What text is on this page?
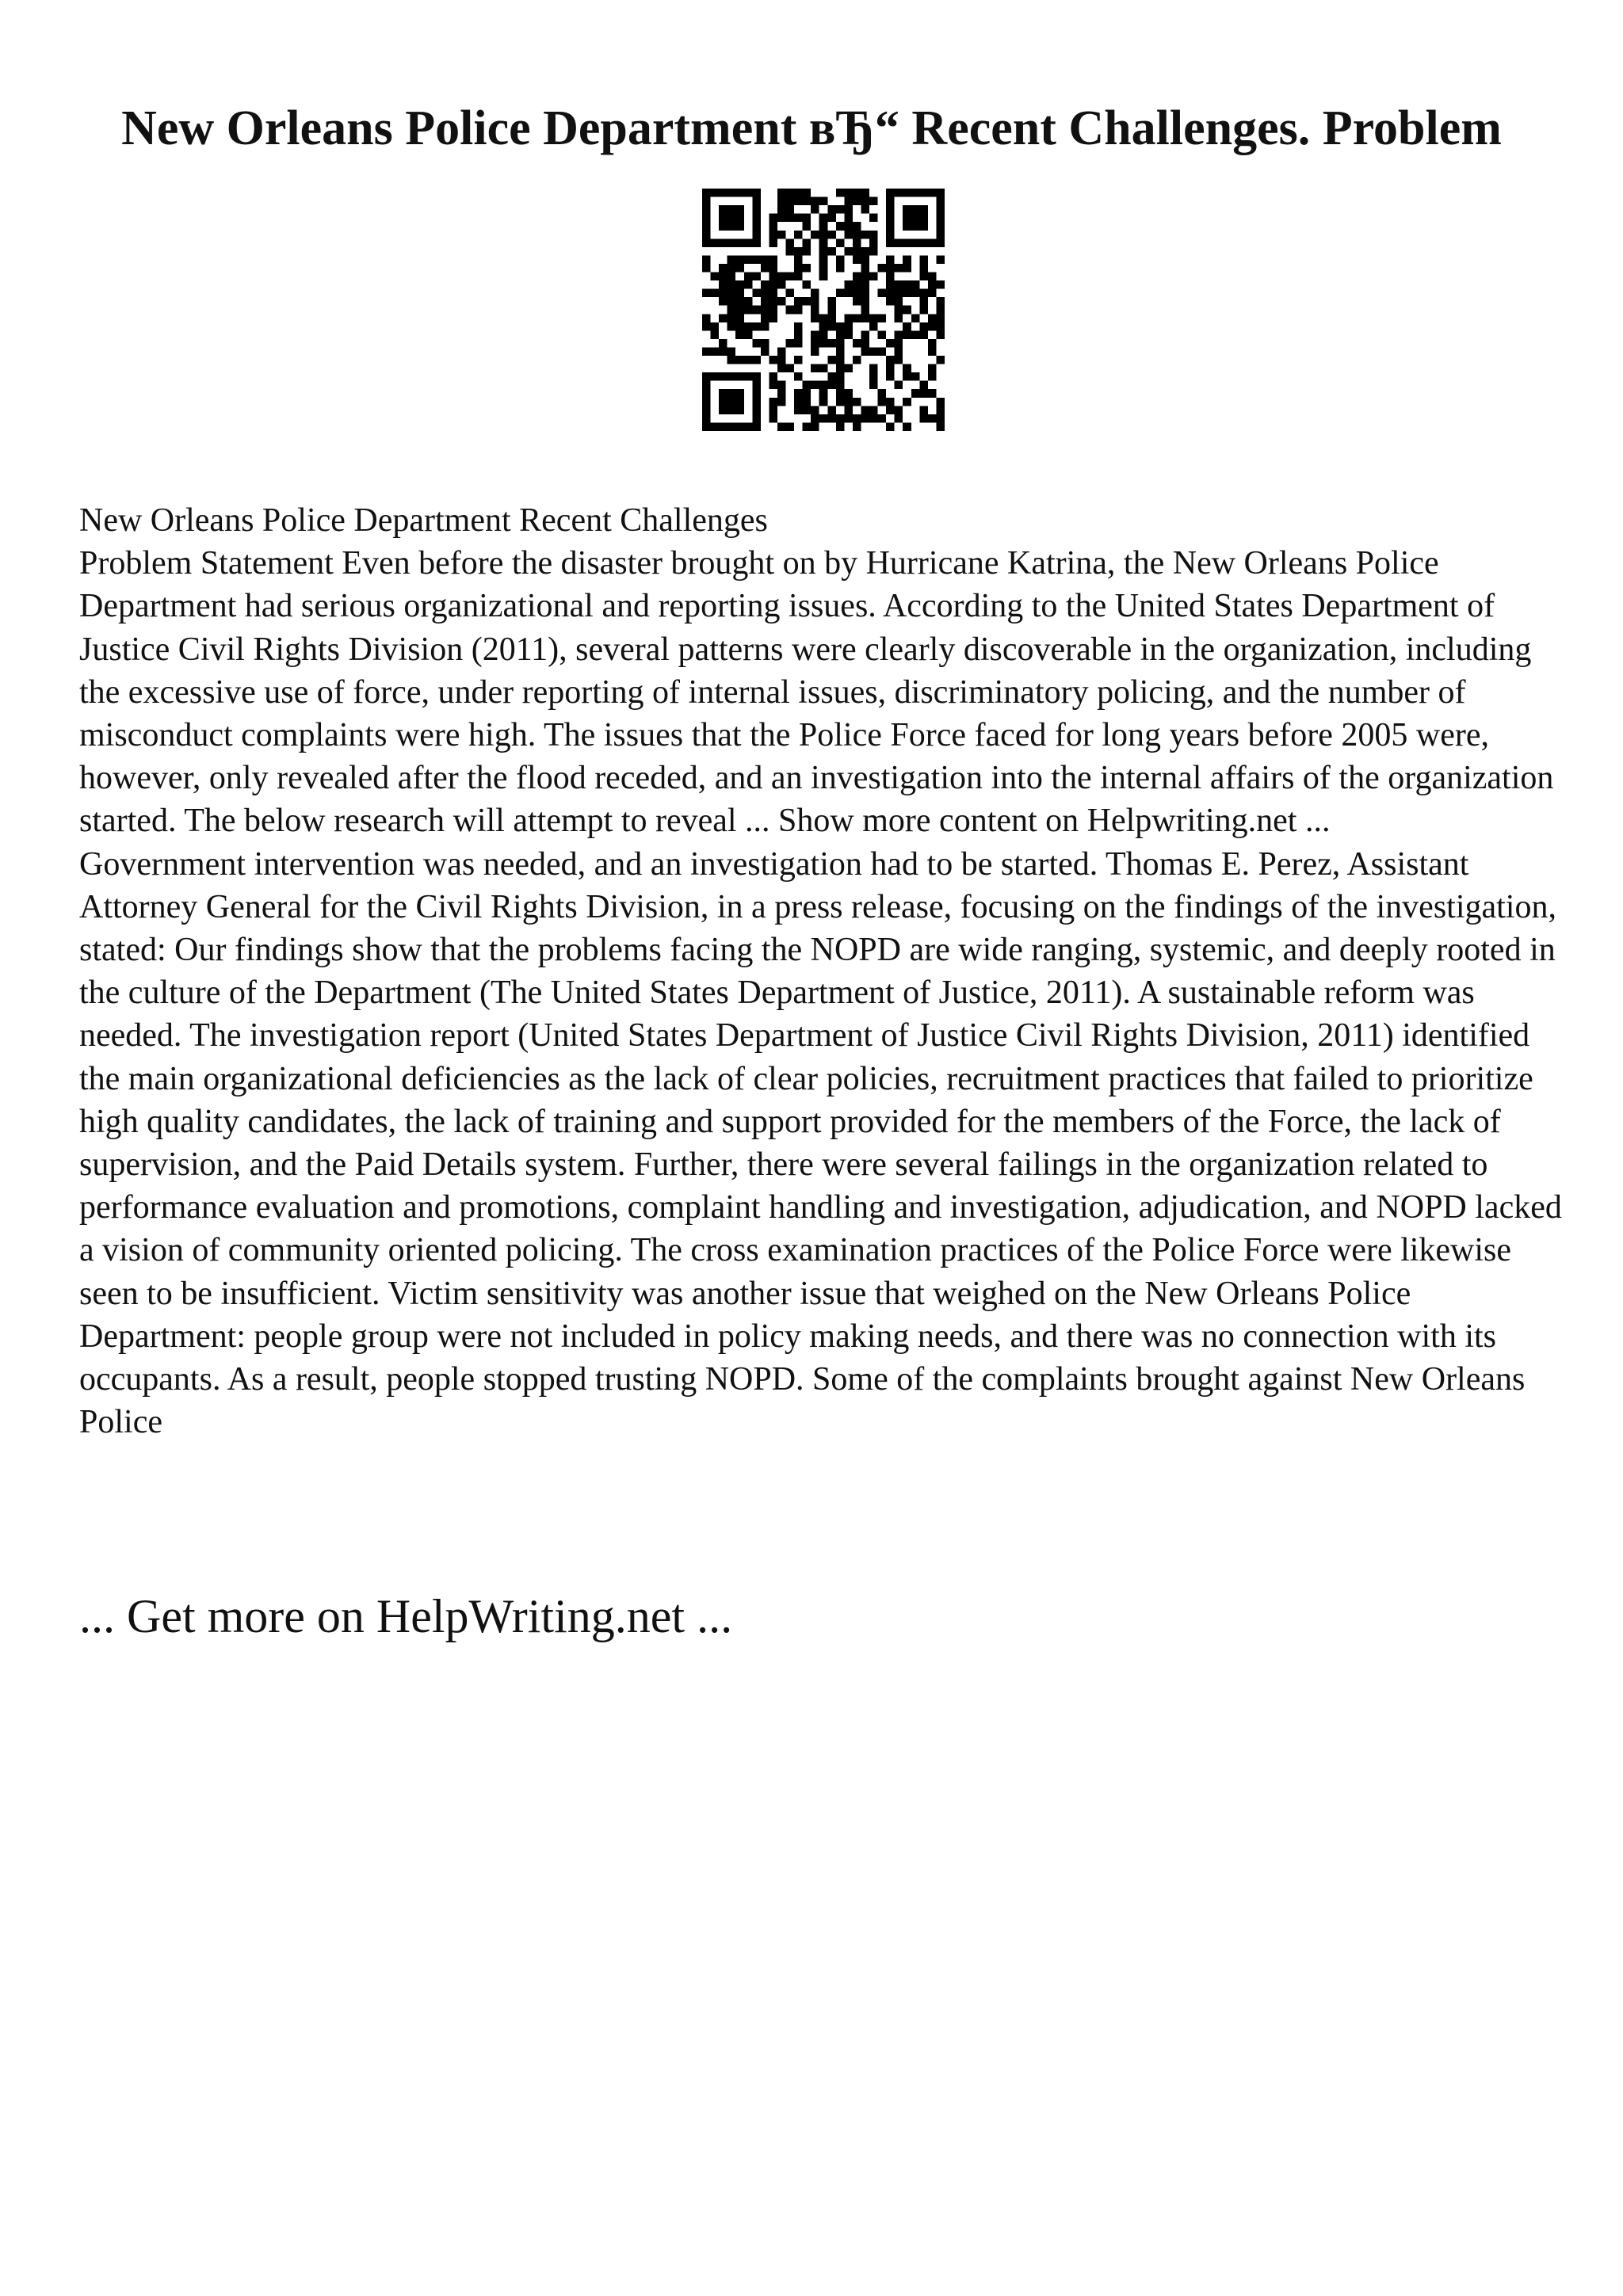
New Orleans Police Department вЂ“ Recent Challenges. Problem

New Orleans Police Department Recent Challenges

Problem Statement Even before the disaster brought on by Hurricane Katrina, the New Orleans Police Department had serious organizational and reporting issues. According to the United States Department of Justice Civil Rights Division (2011), several patterns were clearly discoverable in the organization, including the excessive use of force, under reporting of internal issues, discriminatory policing, and the number of misconduct complaints were high. The issues that the Police Force faced for long years before 2005 were, however, only revealed after the flood receded, and an investigation into the internal affairs of the organization started. The below research will attempt to reveal ... Show more content on Helpwriting.net ...

Government intervention was needed, and an investigation had to be started. Thomas E. Perez, Assistant Attorney General for the Civil Rights Division, in a press release, focusing on the findings of the investigation, stated: Our findings show that the problems facing the NOPD are wide ranging, systemic, and deeply rooted in the culture of the Department (The United States Department of Justice, 2011). A sustainable reform was needed. The investigation report (United States Department of Justice Civil Rights Division, 2011) identified the main organizational deficiencies as the lack of clear policies, recruitment practices that failed to prioritize high quality candidates, the lack of training and support provided for the members of the Force, the lack of supervision, and the Paid Details system. Further, there were several failings in the organization related to performance evaluation and promotions, complaint handling and investigation, adjudication, and NOPD lacked a vision of community oriented policing. The cross examination practices of the Police Force were likewise seen to be insufficient. Victim sensitivity was another issue that weighed on the New Orleans Police Department: people group were not included in policy making needs, and there was no connection with its occupants. As a result, people stopped trusting NOPD. Some of the complaints brought against New Orleans Police

... Get more on HelpWriting.net ...
